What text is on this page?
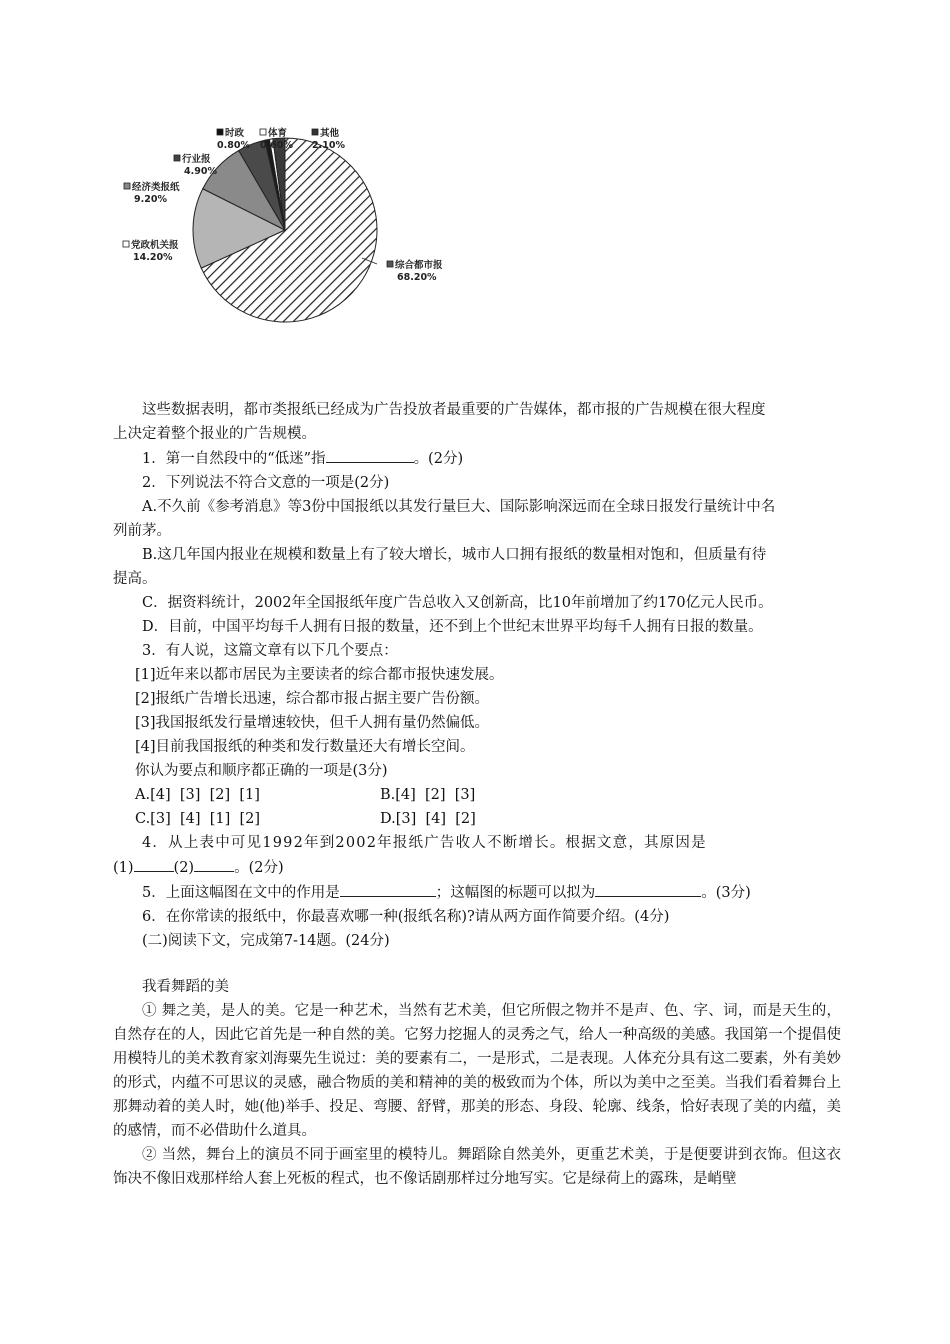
综合都市报
68.20%
党政机关报
14.20%
经济类报纸
9.20%
行业报
4.90%
时政
0.80%
体育
0.60%
其他
2.10%

这些数据表明，都市类报纸已经成为广告投放者最重要的广告媒体，都市报的广告规模在很大程度

上决定着整个报业的广告规模。

1．第一自然段中的“低迷”指	。(2分)

2．下列说法不符合文意的一项是(2分)

A.不久前《参考消息》等3份中国报纸以其发行量巨大、国际影响深远而在全球日报发行量统计中名

列前茅。

B.这几年国内报业在规模和数量上有了较大增长，城市人口拥有报纸的数量相对饱和，但质量有待

提高。

C．据资料统计，2002年全国报纸年度广告总收入又创新高，比10年前增加了约170亿元人民币。

D．目前，中国平均每千人拥有日报的数量，还不到上个世纪末世界平均每千人拥有日报的数量。

3．有人说，这篇文章有以下几个要点：

[1]近年来以都市居民为主要读者的综合都市报快速发展。

[2]报纸广告增长迅速，综合都市报占据主要广告份额。

[3]我国报纸发行量增速较快，但千人拥有量仍然偏低。

[4]目前我国报纸的种类和发行数量还大有增长空间。

你认为要点和顺序都正确的一项是(3分)

A.[4]  [3]  [2]  [1]	B.[4]  [2]  [3]

C.[3]  [4]  [1]  [2]	D.[3]  [4]  [2]

4．从上表中可见1992年到2002年报纸广告收人不断增长。根据文意，其原因是

(1)	(2)	。(2分)

5．上面这幅图在文中的作用是	；这幅图的标题可以拟为	。(3分)

6．在你常读的报纸中，你最喜欢哪一种(报纸名称)?请从两方面作简要介绍。(4分)

(二)阅读下文，完成第7-14题。(24分)

我看舞蹈的美

① 舞之美，是人的美。它是一种艺术，当然有艺术美，但它所假之物并不是声、色、字、词，而是天生的，自然存在的人，因此它首先是一种自然的美。它努力挖掘人的灵秀之气，给人一种高级的美感。我国第一个提倡使用模特儿的美术教育家刘海粟先生说过：美的要素有二，一是形式，二是表现。人体充分具有这二要素，外有美妙的形式，内蕴不可思议的灵感，融合物质的美和精神的美的极致而为个体，所以为美中之至美。当我们看着舞台上那舞动着的美人时，她(他)举手、投足、弯腰、舒臂，那美的形态、身段、轮廓、线条，恰好表现了美的内蕴，美的感情，而不必借助什么道具。

② 当然，舞台上的演员不同于画室里的模特儿。舞蹈除自然美外，更重艺术美，于是便要讲到衣饰。但这衣饰决不像旧戏那样给人套上死板的程式，也不像话剧那样过分地写实。它是绿荷上的露珠，是峭壁
